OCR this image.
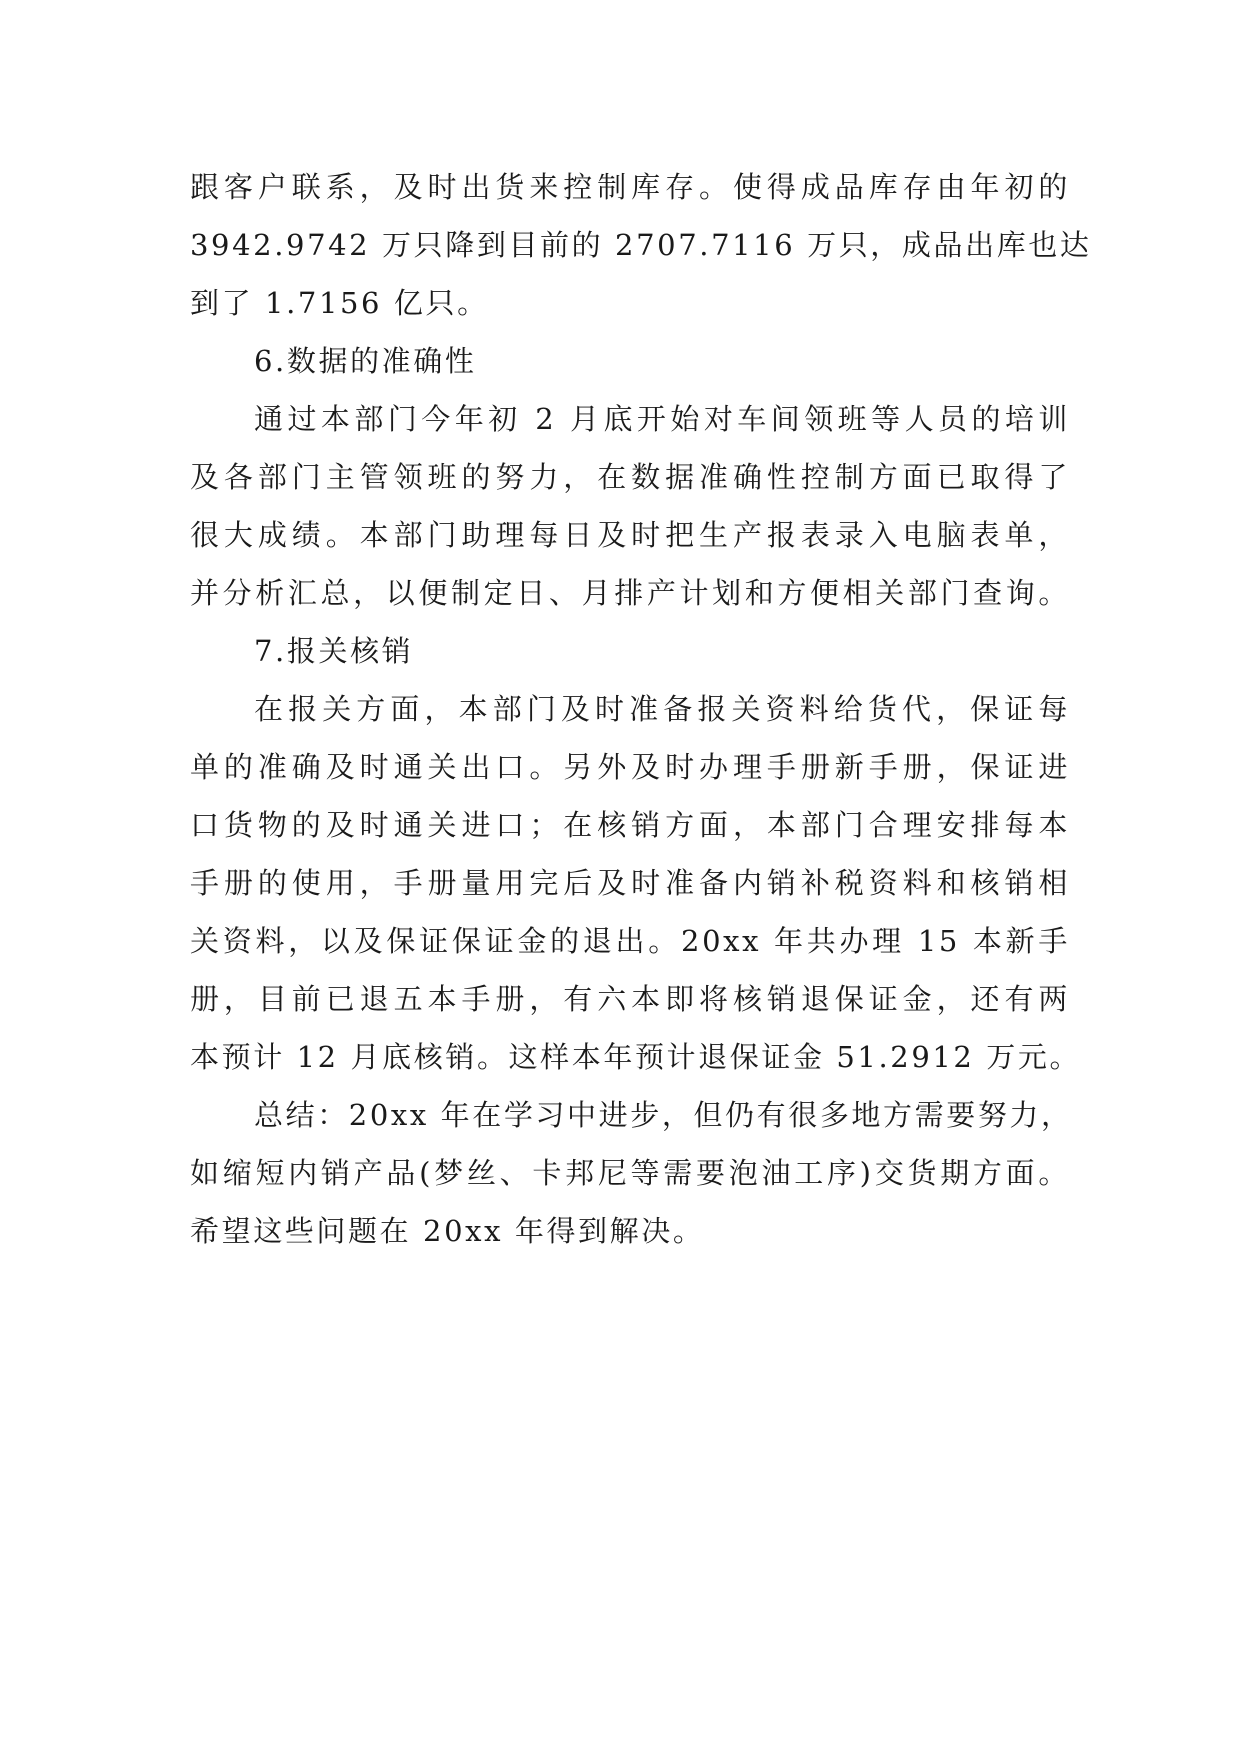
跟客户联系，及时出货来控制库存。使得成品库存由年初的
3942.9742 万只降到目前的 2707.7116 万只，成品出库也达
到了 1.7156 亿只。
6.数据的准确性
通过本部门今年初 2 月底开始对车间领班等人员的培训
及各部门主管领班的努力，在数据准确性控制方面已取得了
很大成绩。本部门助理每日及时把生产报表录入电脑表单，
并分析汇总，以便制定日、月排产计划和方便相关部门查询。
7.报关核销
在报关方面，本部门及时准备报关资料给货代，保证每
单的准确及时通关出口。另外及时办理手册新手册，保证进
口货物的及时通关进口；在核销方面，本部门合理安排每本
手册的使用，手册量用完后及时准备内销补税资料和核销相
关资料，以及保证保证金的退出。20xx 年共办理 15 本新手
册，目前已退五本手册，有六本即将核销退保证金，还有两
本预计 12 月底核销。这样本年预计退保证金 51.2912 万元。
总结：20xx 年在学习中进步，但仍有很多地方需要努力，
如缩短内销产品(梦丝、卡邦尼等需要泡油工序)交货期方面。
希望这些问题在 20xx 年得到解决。
